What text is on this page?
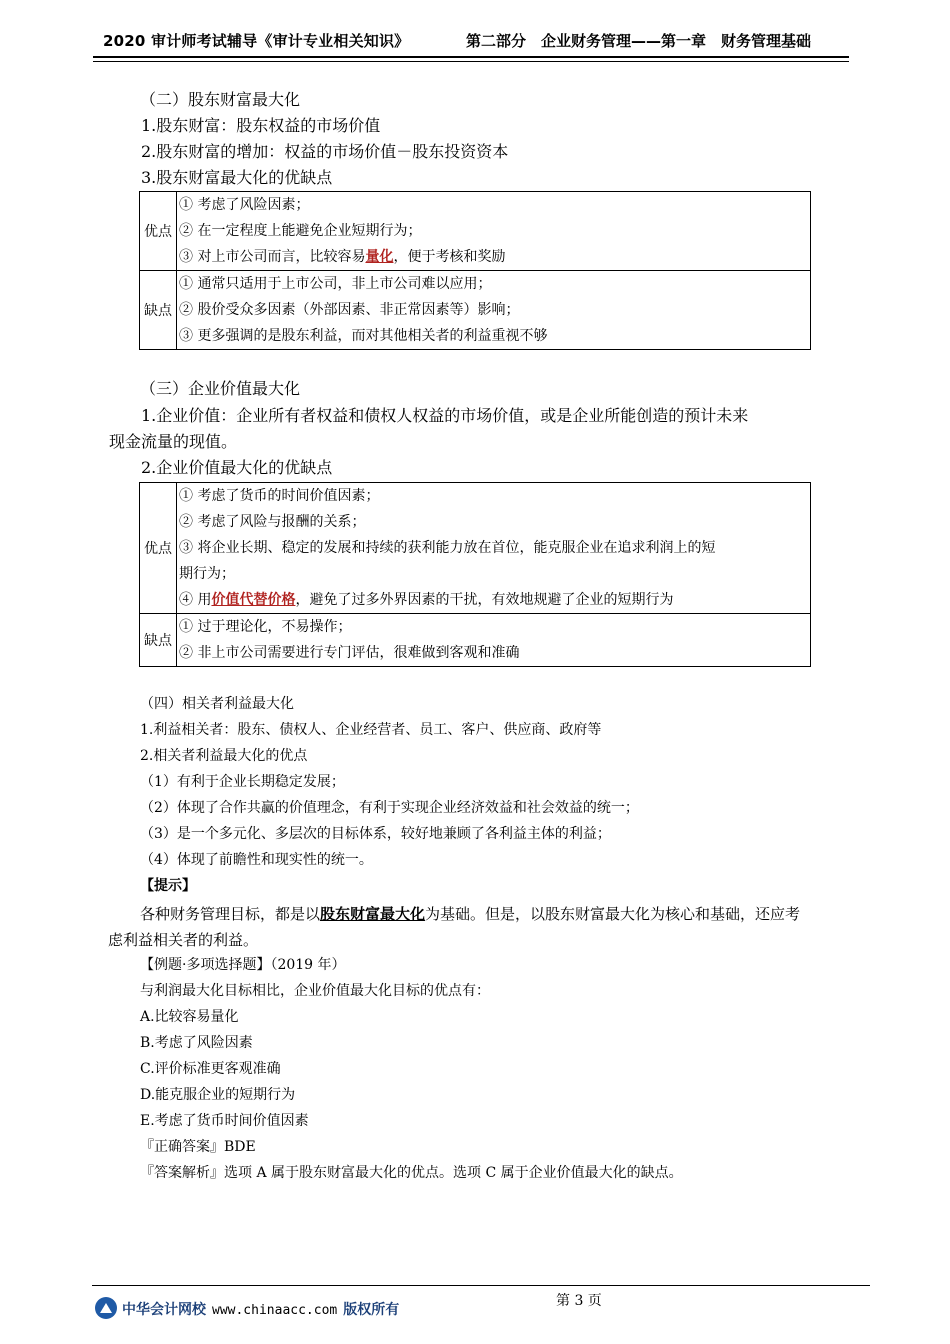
2020 审计师考试辅导《审计专业相关知识》	第二部分　企业财务管理——第一章　财务管理基础
（二）股东财富最大化
1.股东财富：股东权益的市场价值
2.股东财富的增加：权益的市场价值－股东投资资本
3.股东财富最大化的优缺点
优点	① 考虑了风险因素；
② 在一定程度上能避免企业短期行为；
③ 对上市公司而言，比较容易量化，便于考核和奖励

缺点	① 通常只适用于上市公司，非上市公司难以应用；
② 股价受众多因素（外部因素、非正常因素等）影响；
③ 更多强调的是股东利益，而对其他相关者的利益重视不够
（三）企业价值最大化
1.企业价值：企业所有者权益和债权人权益的市场价值，或是企业所能创造的预计未来
现金流量的现值。
2.企业价值最大化的优缺点
优点	① 考虑了货币的时间价值因素；
② 考虑了风险与报酬的关系；
③ 将企业长期、稳定的发展和持续的获利能力放在首位，能克服企业在追求利润上的短
期行为；
④ 用价值代替价格，避免了过多外界因素的干扰，有效地规避了企业的短期行为

缺点	① 过于理论化，不易操作；
② 非上市公司需要进行专门评估，很难做到客观和准确
（四）相关者利益最大化
1.利益相关者：股东、债权人、企业经营者、员工、客户、供应商、政府等
2.相关者利益最大化的优点
（1）有利于企业长期稳定发展；
（2）体现了合作共赢的价值理念，有利于实现企业经济效益和社会效益的统一；
（3）是一个多元化、多层次的目标体系，较好地兼顾了各利益主体的利益；
（4）体现了前瞻性和现实性的统一。
【提示】
各种财务管理目标，都是以股东财富最大化为基础。但是，以股东财富最大化为核心和基础，还应考
虑利益相关者的利益。
【例题·多项选择题】（2019 年）
与利润最大化目标相比，企业价值最大化目标的优点有：
A.比较容易量化
B.考虑了风险因素
C.评价标准更客观准确
D.能克服企业的短期行为
E.考虑了货币时间价值因素
『正确答案』BDE
『答案解析』选项 A 属于股东财富最大化的优点。选项 C 属于企业价值最大化的缺点。
第 3 页
中华会计网校 www.chinaacc.com 版权所有
